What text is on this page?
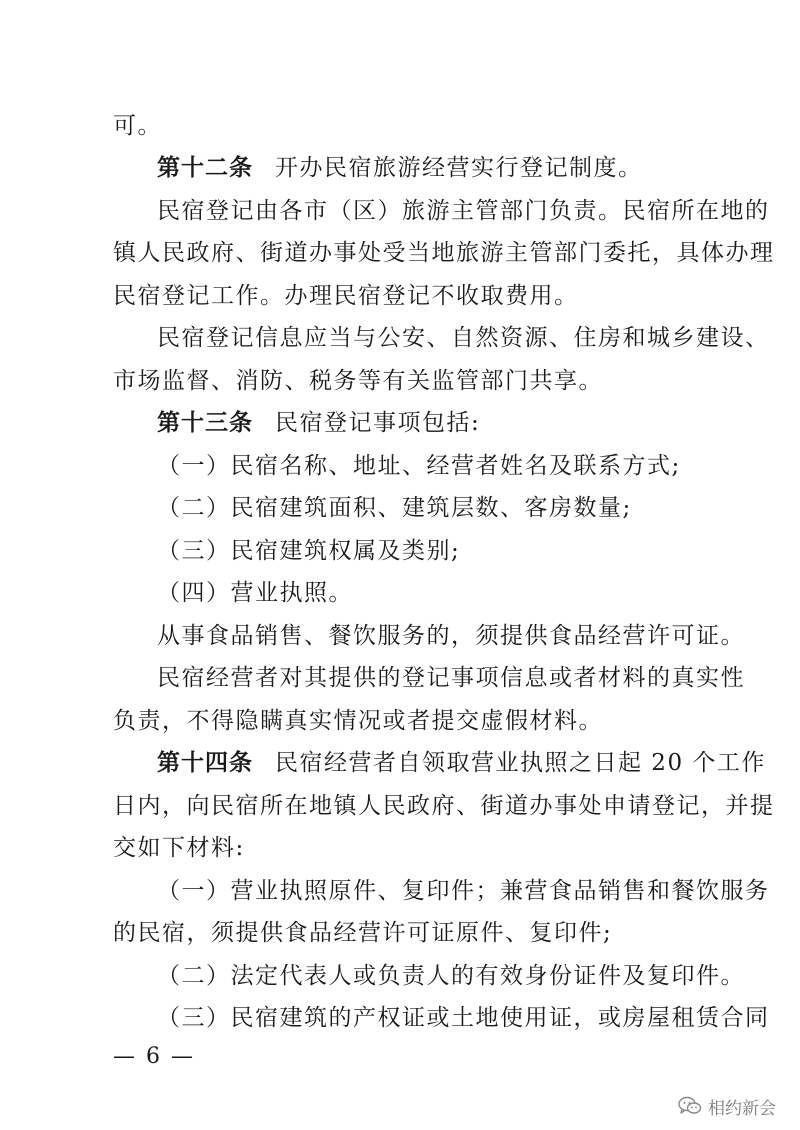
可。
第十二条 开办民宿旅游经营实行登记制度。
民宿登记由各市（区）旅游主管部门负责。民宿所在地的
镇人民政府、街道办事处受当地旅游主管部门委托，具体办理
民宿登记工作。办理民宿登记不收取费用。
民宿登记信息应当与公安、自然资源、住房和城乡建设、
市场监督、消防、税务等有关监管部门共享。
第十三条 民宿登记事项包括:
（一）民宿名称、地址、经营者姓名及联系方式;
（二）民宿建筑面积、建筑层数、客房数量;
（三）民宿建筑权属及类别;
（四）营业执照。
从事食品销售、餐饮服务的，须提供食品经营许可证。
民宿经营者对其提供的登记事项信息或者材料的真实性
负责，不得隐瞒真实情况或者提交虚假材料。
第十四条 民宿经营者自领取营业执照之日起 20 个工作
日内，向民宿所在地镇人民政府、街道办事处申请登记，并提
交如下材料:
（一）营业执照原件、复印件；兼营食品销售和餐饮服务
的民宿，须提供食品经营许可证原件、复印件;
（二）法定代表人或负责人的有效身份证件及复印件。
（三）民宿建筑的产权证或土地使用证，或房屋租赁合同
— 6 —
相约新会
